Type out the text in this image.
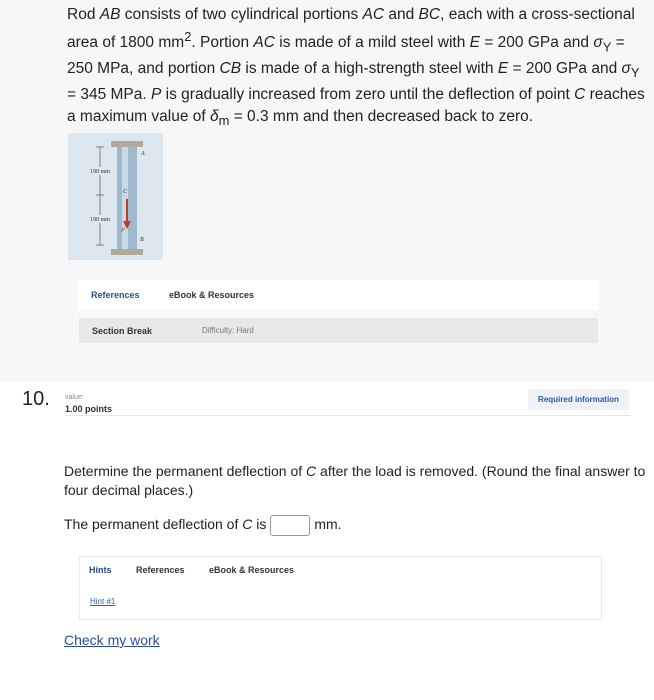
Rod AB consists of two cylindrical portions AC and BC, each with a cross-sectional
area of 1800 $mm^2$. Portion AC is made of a mild steel with E = 200 GPa and $\sigma_Y$ =
250 MPa, and portion CB is made of a high-strength steel with E = 200 GPa and $\sigma_Y$
= 345 MPa. P is gradually increased from zero until the deflection of point C reaches
a maximum value of $\delta_m = 0.3$ mm and then decreased back to zero.
190 mm
190 mm
A
C
P
B
References	eBook & Resources
Section Break	Difficulty: Hard
10. value:
1.00 points
Required information
Determine the permanent deflection of C after the load is removed. (Round the final answer to four decimal places.)
The permanent deflection of C is	mm.
Hints	References	eBook & Resources
Hint #1
Check my work
